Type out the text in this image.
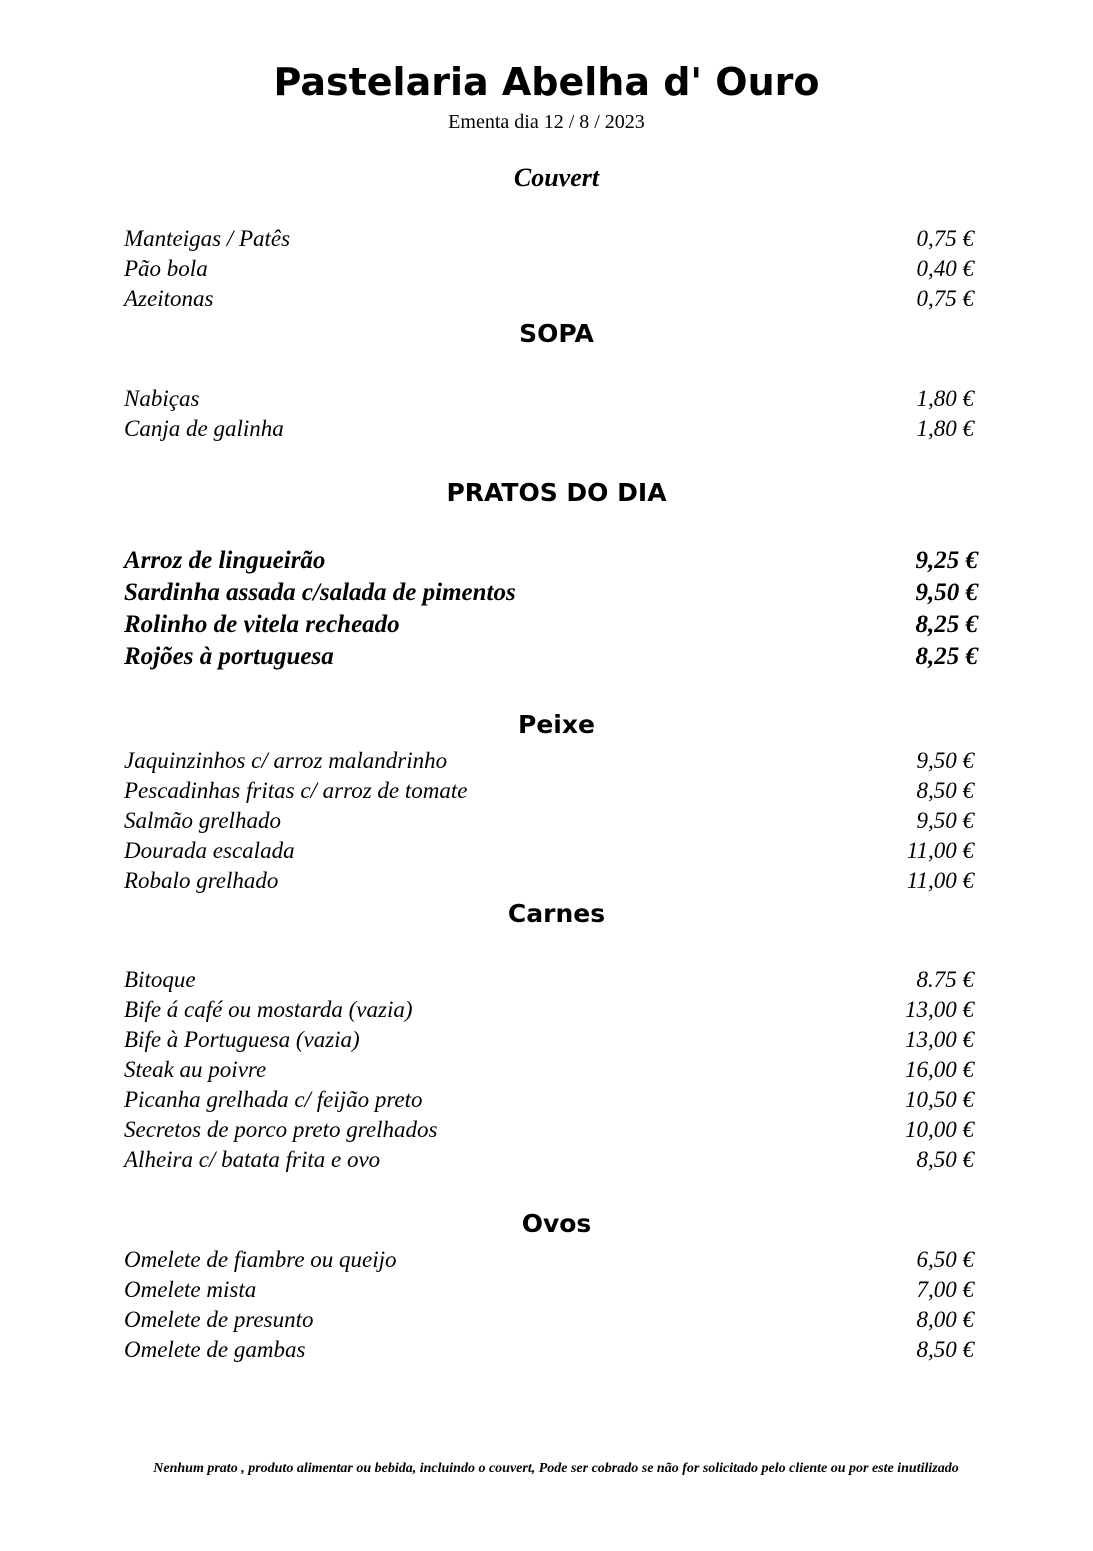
Pastelaria Abelha d' Ouro
Ementa dia 12 / 8 / 2023
Couvert
Manteigas / Patês	0,75 €
Pão bola	0,40 €
Azeitonas	0,75 €
SOPA
Nabiças	1,80 €
Canja de galinha	1,80 €
PRATOS DO DIA
Arroz de lingueirão	9,25 €
Sardinha assada c/salada de pimentos	9,50 €
Rolinho de vitela recheado	8,25 €
Rojões à portuguesa	8,25 €
Peixe
Jaquinzinhos c/ arroz malandrinho	9,50 €
Pescadinhas fritas c/ arroz de tomate	8,50 €
Salmão grelhado	9,50 €
Dourada escalada	11,00 €
Robalo grelhado	11,00 €
Carnes
Bitoque	8.75 €
Bife á café ou mostarda (vazia)	13,00 €
Bife à Portuguesa (vazia)	13,00 €
Steak au poivre	16,00 €
Picanha grelhada c/ feijão preto	10,50 €
Secretos de porco preto grelhados	10,00 €
Alheira c/ batata frita e ovo	8,50 €
Ovos
Omelete de fiambre ou queijo	6,50 €
Omelete mista	7,00 €
Omelete de presunto	8,00 €
Omelete de gambas	8,50 €
Nenhum prato , produto alimentar ou bebida, incluindo o couvert, Pode ser cobrado se não for solicitado pelo cliente ou por este inutilizado
